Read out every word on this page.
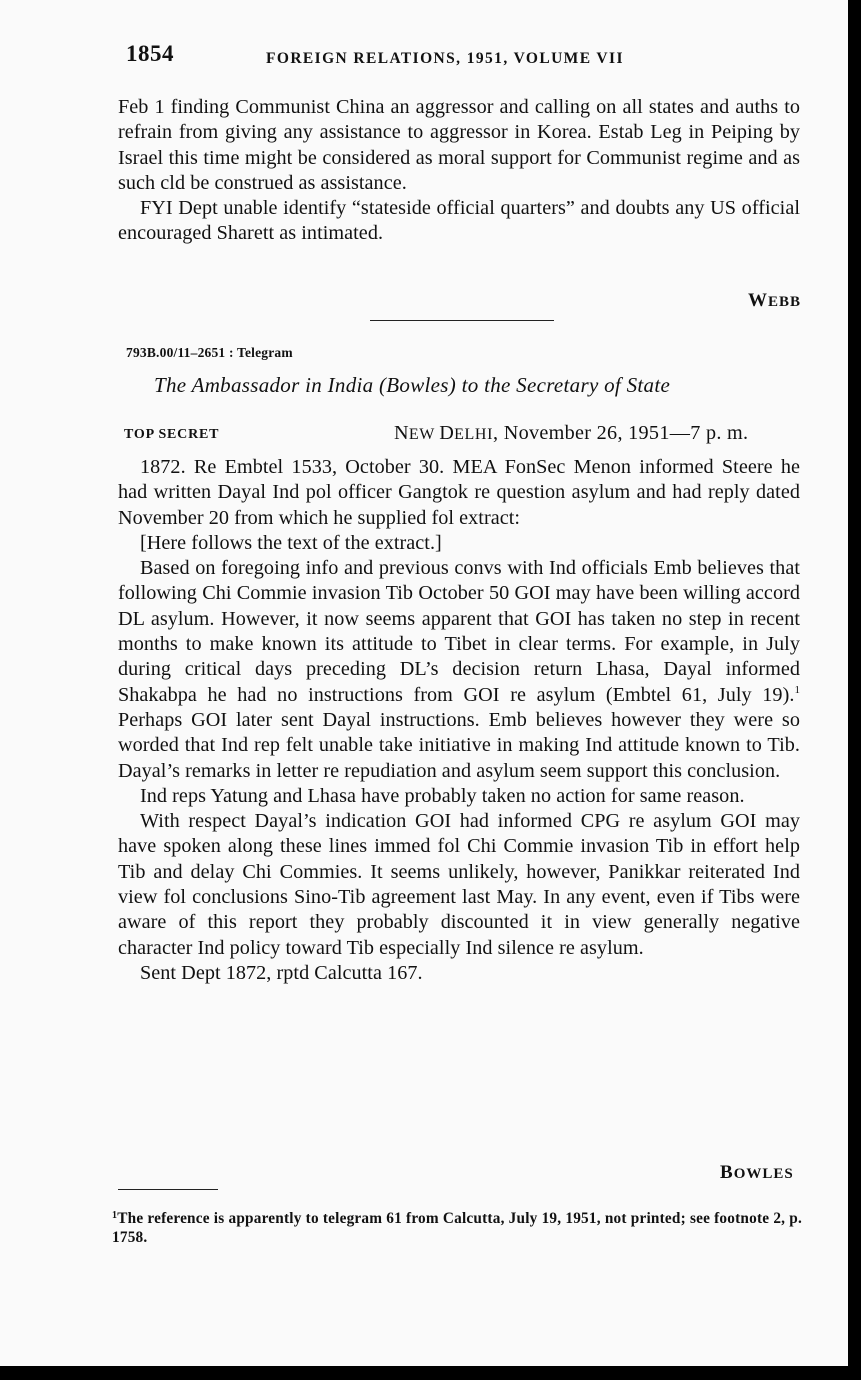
1854	FOREIGN RELATIONS, 1951, VOLUME VII

Feb 1 finding Communist China an aggressor and calling on all states and auths to refrain from giving any assistance to aggressor in Korea. Estab Leg in Peiping by Israel this time might be considered as moral support for Communist regime and as such cld be construed as assistance.

FYI Dept unable identify “stateside official quarters” and doubts any US official encouraged Sharett as intimated.

WEBB
793B.00/11–2651 : Telegram
The Ambassador in India (Bowles) to the Secretary of State
TOP SECRET	NEW DELHI, November 26, 1951—7 p. m.

1872. Re Embtel 1533, October 30. MEA FonSec Menon informed Steere he had written Dayal Ind pol officer Gangtok re question asylum and had reply dated November 20 from which he supplied fol extract:

[Here follows the text of the extract.]

Based on foregoing info and previous convs with Ind officials Emb believes that following Chi Commie invasion Tib October 50 GOI may have been willing accord DL asylum. However, it now seems apparent that GOI has taken no step in recent months to make known its attitude to Tibet in clear terms. For example, in July during critical days preceding DL’s decision return Lhasa, Dayal informed Shakabpa he had no instructions from GOI re asylum (Embtel 61, July 19).$^1$ Perhaps GOI later sent Dayal instructions. Emb believes however they were so worded that Ind rep felt unable take initiative in making Ind attitude known to Tib. Dayal’s remarks in letter re repudiation and asylum seem support this conclusion.

Ind reps Yatung and Lhasa have probably taken no action for same reason.

With respect Dayal’s indication GOI had informed CPG re asylum GOI may have spoken along these lines immed fol Chi Commie invasion Tib in effort help Tib and delay Chi Commies. It seems unlikely, however, Panikkar reiterated Ind view fol conclusions Sino-Tib agreement last May. In any event, even if Tibs were aware of this report they probably discounted it in view generally negative character Ind policy toward Tib especially Ind silence re asylum.

Sent Dept 1872, rptd Calcutta 167.

BOWLES
$^1$The reference is apparently to telegram 61 from Calcutta, July 19, 1951, not printed; see footnote 2, p. 1758.
